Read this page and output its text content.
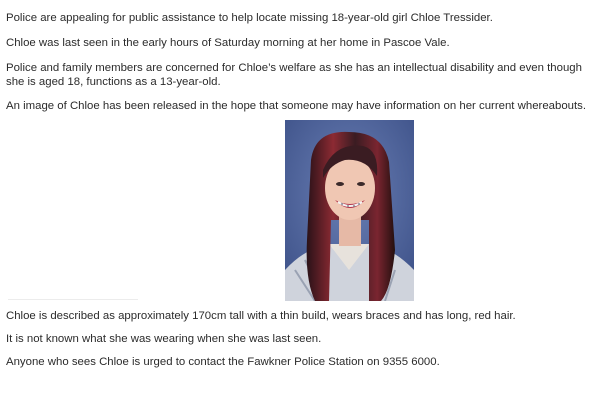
Police are appealing for public assistance to help locate missing 18-year-old girl Chloe Tressider.

Chloe was last seen in the early hours of Saturday morning at her home in Pascoe Vale.

Police and family members are concerned for Chloe’s welfare as she has an intellectual disability and even though she is aged 18, functions as a 13-year-old.

An image of Chloe has been released in the hope that someone may have information on her current whereabouts.

Chloe is described as approximately 170cm tall with a thin build, wears braces and has long, red hair.

It is not known what she was wearing when she was last seen.

Anyone who sees Chloe is urged to contact the Fawkner Police Station on 9355 6000.
